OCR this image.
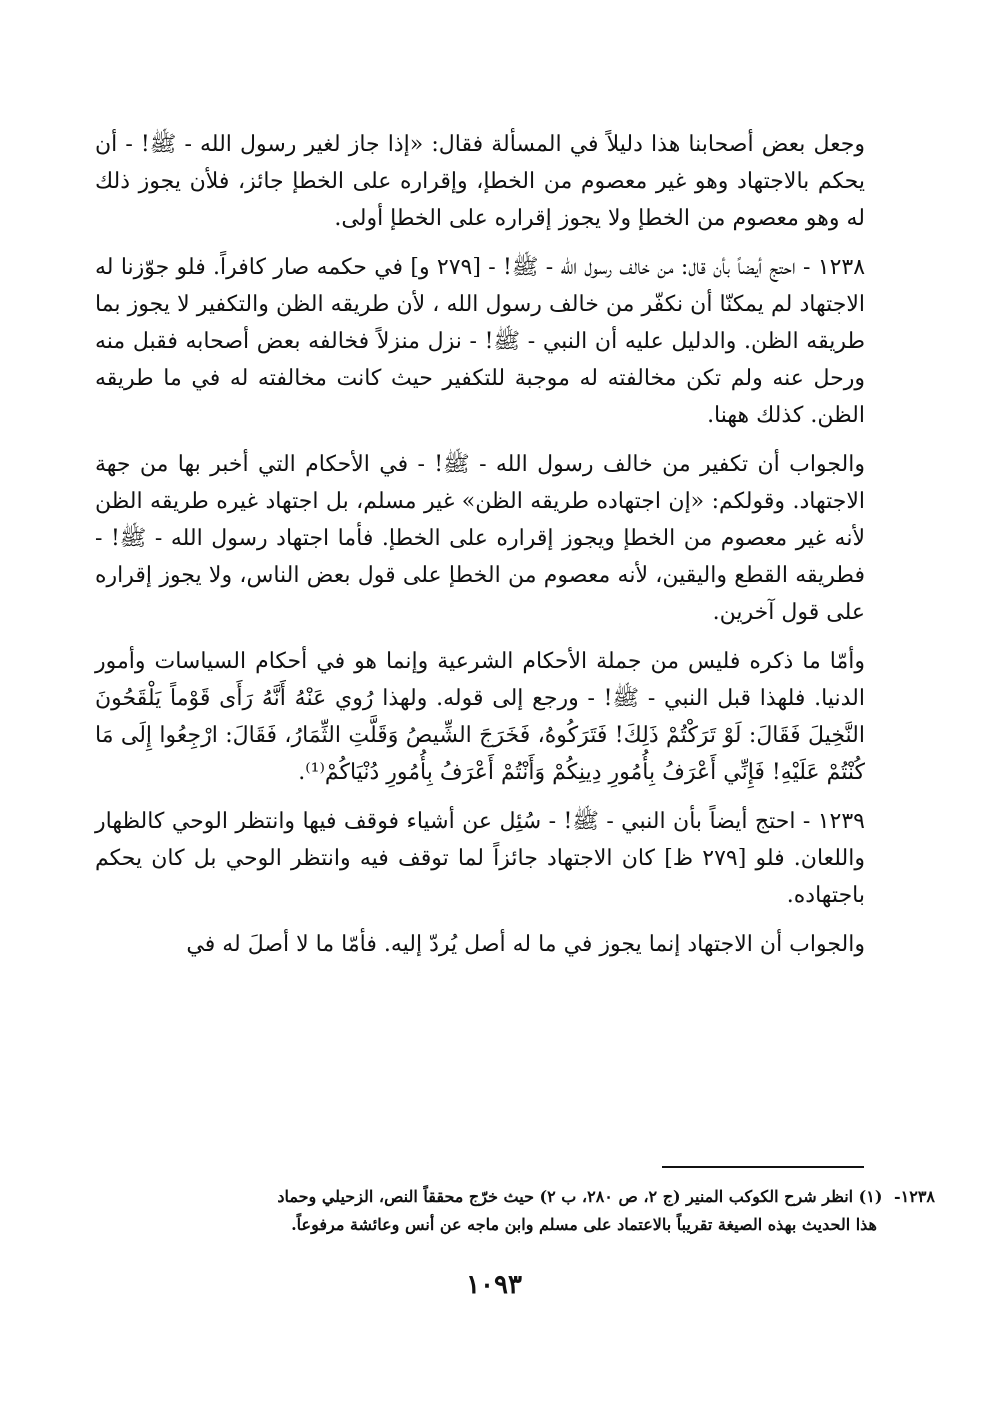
وجعل بعض أصحابنا هذا دليلاً في المسألة فقال: «إذا جاز لغير رسول الله - ﷺ! - أن يحكم بالاجتهاد وهو غير معصوم من الخطإ، وإقراره على الخطإ جائز، فلأن يجوز ذلك له وهو معصوم من الخطإ ولا يجوز إقراره على الخطإ أولى.

١٢٣٨ - احتج أيضاً بأن قال: من خالف رسول الله - ﷺ! - [٢٧٩ و] في حكمه صار كافراً. فلو جوّزنا له الاجتهاد لم يمكنّا أن نكفّر من خالف رسول الله ، لأن طريقه الظن والتكفير لا يجوز بما طريقه الظن. والدليل عليه أن النبي - ﷺ! - نزل منزلاً فخالفه بعض أصحابه فقبل منه ورحل عنه ولم تكن مخالفته له موجبة للتكفير حيث كانت مخالفته له في ما طريقه الظن. كذلك ههنا.

والجواب أن تكفير من خالف رسول الله - ﷺ! - في الأحكام التي أخبر بها من جهة الاجتهاد. وقولكم: «إن اجتهاده طريقه الظن» غير مسلم، بل اجتهاد غيره طريقه الظن لأنه غير معصوم من الخطإ ويجوز إقراره على الخطإ. فأما اجتهاد رسول الله - ﷺ! - فطريقه القطع واليقين، لأنه معصوم من الخطإ على قول بعض الناس، ولا يجوز إقراره على قول آخرين.

وأمّا ما ذكره فليس من جملة الأحكام الشرعية وإنما هو في أحكام السياسات وأمور الدنيا. فلهذا قبل النبي - ﷺ! - ورجع إلى قوله. ولهذا رُوي عَنْهُ أَنَّهُ رَأَى قَوْماً يَلْقَحُونَ النَّخِيلَ فَقَالَ: لَوْ تَرَكْتُمْ ذَلِكَ! فَتَرَكُوهُ، فَخَرَجَ الشِّيصُ وَقَلَّتِ الثِّمَارُ، فَقَالَ: ارْجِعُوا إِلَى مَا كُنْتُمْ عَلَيْهِ! فَإِنِّي أَعْرَفُ بِأُمُورِ دِينِكُمْ وَأَنْتُمْ أَعْرَفُ بِأُمُورِ دُنْيَاكُمْ⁽¹⁾.

١٢٣٩ - احتج أيضاً بأن النبي - ﷺ! - سُئِل عن أشياء فوقف فيها وانتظر الوحي كالظهار واللعان. فلو [٢٧٩ ظ] كان الاجتهاد جائزاً لما توقف فيه وانتظر الوحي بل كان يحكم باجتهاده.

والجواب أن الاجتهاد إنما يجوز في ما له أصل يُردّ إليه. فأمّا ما لا أصلَ له في

١٢٣٨- (١) انظر شرح الكوكب المنير (ج ٢، ص ٢٨٠، ب ٢) حيث خرّج محققاً النص، الزحيلي وحماد
هذا الحديث بهذه الصيغة تقريباً بالاعتماد على مسلم وابن ماجه عن أنس وعائشة مرفوعاً.
١٠٩٣
